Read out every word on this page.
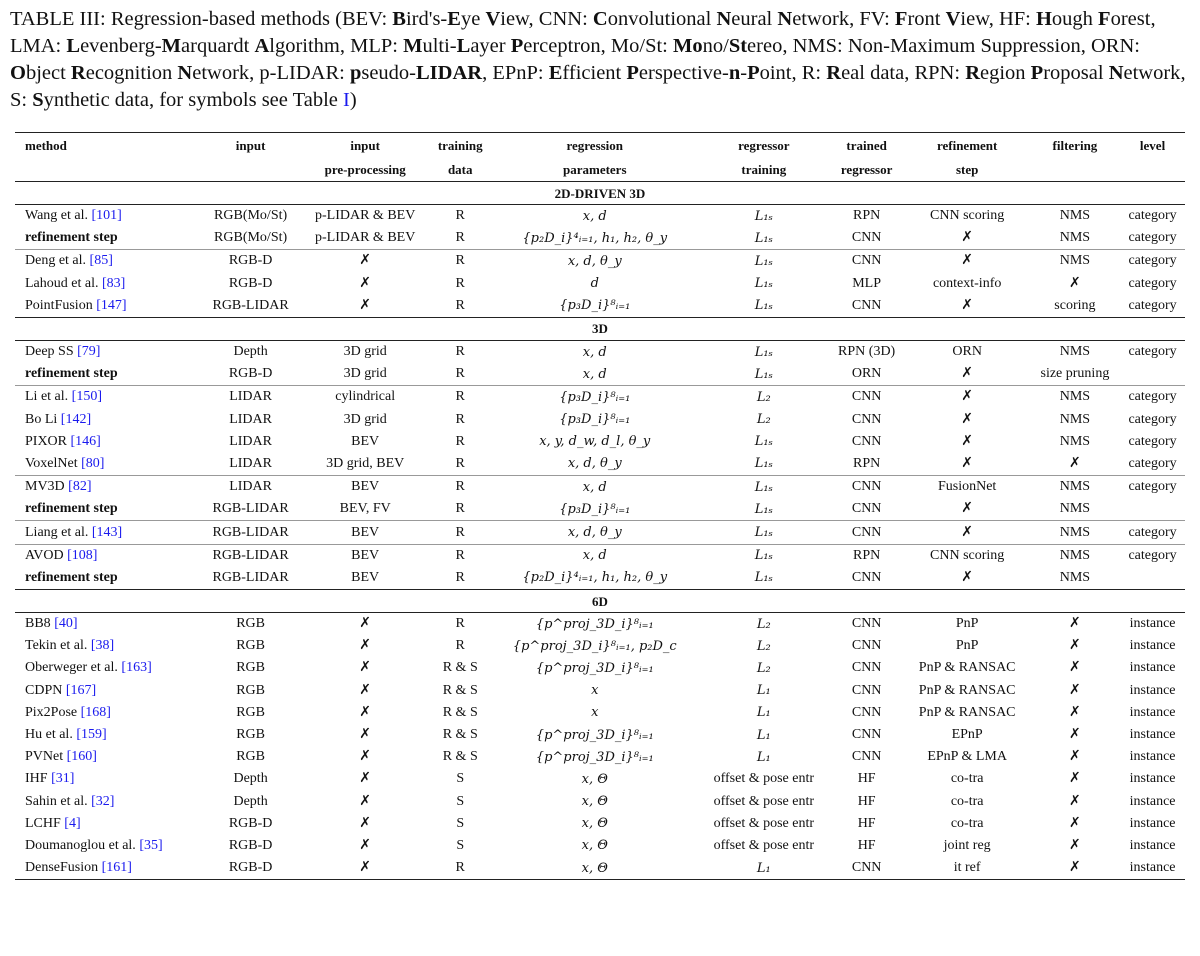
TABLE III: Regression-based methods (BEV: Bird's-Eye View, CNN: Convolutional Neural Network, FV: Front View, HF: Hough Forest, LMA: Levenberg-Marquardt Algorithm, MLP: Multi-Layer Perceptron, Mo/St: Mono/Stereo, NMS: Non-Maximum Suppression, ORN: Object Recognition Network, p-LIDAR: pseudo-LIDAR, EPnP: Efficient Perspective-n-Point, R: Real data, RPN: Region Proposal Network, S: Synthetic data, for symbols see Table I)
method	input	input	training	regression	regressor	trained	refinement	filtering	level
		pre-processing	data	parameters	training	regressor	step		
2D-DRIVEN 3D									
Wang et al. [101]	RGB(Mo/St)	p-LIDAR & BEV	R	x, d	L₁ₛ	RPN	CNN scoring	NMS	category
refinement step	RGB(Mo/St)	p-LIDAR & BEV	R	{p₂D_i}⁴ᵢ₌₁, h₁, h₂, θ_y	L₁ₛ	CNN	✗	NMS	category
Deng et al. [85]	RGB-D	✗	R	x, d, θ_y	L₁ₛ	CNN	✗	NMS	category
Lahoud et al. [83]	RGB-D	✗	R	d	L₁ₛ	MLP	context-info	✗	category
PointFusion [147]	RGB-LIDAR	✗	R	{p₃D_i}⁸ᵢ₌₁	L₁ₛ	CNN	✗	scoring	category
3D									
Deep SS [79]	Depth	3D grid	R	x, d	L₁ₛ	RPN (3D)	ORN	NMS	category
refinement step	RGB-D	3D grid	R	x, d	L₁ₛ	ORN	✗	size pruning	
Li et al. [150]	LIDAR	cylindrical	R	{p₃D_i}⁸ᵢ₌₁	L₂	CNN	✗	NMS	category
Bo Li [142]	LIDAR	3D grid	R	{p₃D_i}⁸ᵢ₌₁	L₂	CNN	✗	NMS	category
PIXOR [146]	LIDAR	BEV	R	x, y, d_w, d_l, θ_y	L₁ₛ	CNN	✗	NMS	category
VoxelNet [80]	LIDAR	3D grid, BEV	R	x, d, θ_y	L₁ₛ	RPN	✗	✗	category
MV3D [82]	LIDAR	BEV	R	x, d	L₁ₛ	CNN	FusionNet	NMS	category
refinement step	RGB-LIDAR	BEV, FV	R	{p₃D_i}⁸ᵢ₌₁	L₁ₛ	CNN	✗	NMS	
Liang et al. [143]	RGB-LIDAR	BEV	R	x, d, θ_y	L₁ₛ	CNN	✗	NMS	category
AVOD [108]	RGB-LIDAR	BEV	R	x, d	L₁ₛ	RPN	CNN scoring	NMS	category
refinement step	RGB-LIDAR	BEV	R	{p₂D_i}⁴ᵢ₌₁, h₁, h₂, θ_y	L₁ₛ	CNN	✗	NMS	
6D									
BB8 [40]	RGB	✗	R	{p^proj_3D_i}⁸ᵢ₌₁	L₂	CNN	PnP	✗	instance
Tekin et al. [38]	RGB	✗	R	{p^proj_3D_i}⁸ᵢ₌₁, p₂D_c	L₂	CNN	PnP	✗	instance
Oberweger et al. [163]	RGB	✗	R & S	{p^proj_3D_i}⁸ᵢ₌₁	L₂	CNN	PnP & RANSAC	✗	instance
CDPN [167]	RGB	✗	R & S	x	L₁	CNN	PnP & RANSAC	✗	instance
Pix2Pose [168]	RGB	✗	R & S	x	L₁	CNN	PnP & RANSAC	✗	instance
Hu et al. [159]	RGB	✗	R & S	{p^proj_3D_i}⁸ᵢ₌₁	L₁	CNN	EPnP	✗	instance
PVNet [160]	RGB	✗	R & S	{p^proj_3D_i}⁸ᵢ₌₁	L₁	CNN	EPnP & LMA	✗	instance
IHF [31]	Depth	✗	S	x, Θ	offset & pose entr	HF	co-tra	✗	instance
Sahin et al. [32]	Depth	✗	S	x, Θ	offset & pose entr	HF	co-tra	✗	instance
LCHF [4]	RGB-D	✗	S	x, Θ	offset & pose entr	HF	co-tra	✗	instance
Doumanoglou et al. [35]	RGB-D	✗	S	x, Θ	offset & pose entr	HF	joint reg	✗	instance
DenseFusion [161]	RGB-D	✗	R	x, Θ	L₁	CNN	it ref	✗	instance
